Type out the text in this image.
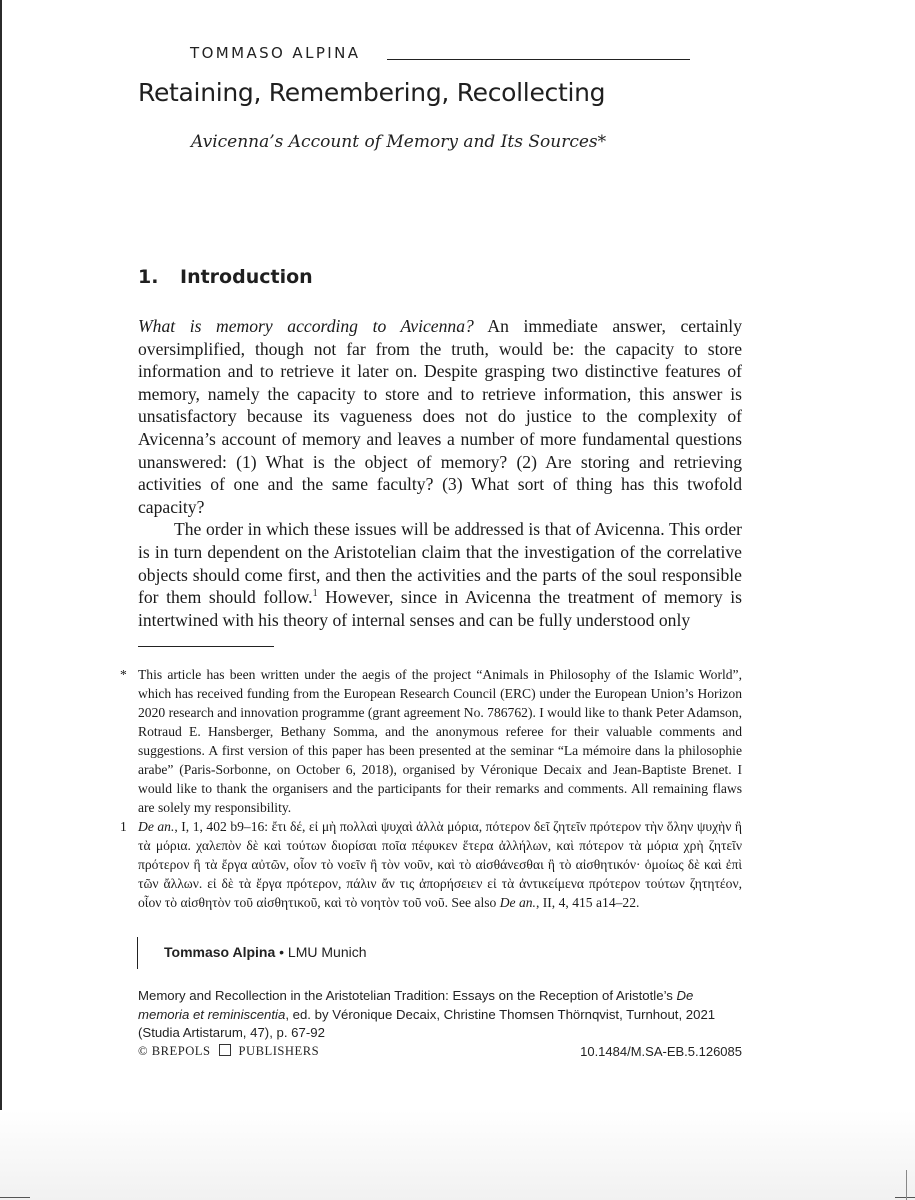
TOMMASO ALPINA
Retaining, Remembering, Recollecting
Avicenna’s Account of Memory and Its Sources*
1. Introduction

What is memory according to Avicenna? An immediate answer, certainly oversimplified, though not far from the truth, would be: the capacity to store information and to retrieve it later on. Despite grasping two distinctive features of memory, namely the capacity to store and to retrieve information, this answer is unsatisfactory because its vagueness does not do justice to the complexity of Avicenna’s account of memory and leaves a number of more fundamental questions unanswered: (1) What is the object of memory? (2) Are storing and retrieving activities of one and the same faculty? (3) What sort of thing has this twofold capacity?

The order in which these issues will be addressed is that of Avicenna. This order is in turn dependent on the Aristotelian claim that the investigation of the correlative objects should come first, and then the activities and the parts of the soul responsible for them should follow.$^1$ However, since in Avicenna the treatment of memory is intertwined with his theory of internal senses and can be fully understood only

* This article has been written under the aegis of the project “Animals in Philosophy of the Islamic World”, which has received funding from the European Research Council (ERC) under the European Union’s Horizon 2020 research and innovation programme (grant agreement No. 786762). I would like to thank Peter Adamson, Rotraud E. Hansberger, Bethany Somma, and the anonymous referee for their valuable comments and suggestions. A first version of this paper has been presented at the seminar “La mémoire dans la philosophie arabe” (Paris-Sorbonne, on October 6, 2018), organised by Véronique Decaix and Jean-Baptiste Brenet. I would like to thank the organisers and the participants for their remarks and comments. All remaining flaws are solely my responsibility.
1 De an., I, 1, 402 b9–16: ἔτι δέ, εἰ μὴ πολλαὶ ψυχαὶ ἀλλὰ μόρια, πότερον δεῖ ζητεῖν πρότερον τὴν ὅλην ψυχὴν ἢ τὰ μόρια. χαλεπὸν δὲ καὶ τούτων διορίσαι ποῖα πέφυκεν ἕτερα ἀλλήλων, καὶ πότερον τὰ μόρια χρὴ ζητεῖν πρότερον ἢ τὰ ἔργα αὐτῶν, οἷον τὸ νοεῖν ἢ τὸν νοῦν, καὶ τὸ αἰσθάνεσθαι ἢ τὸ αἰσθητικόν· ὁμοίως δὲ καὶ ἐπὶ τῶν ἄλλων. εἰ δὲ τὰ ἔργα πρότερον, πάλιν ἄν τις ἀπορήσειεν εἰ τὰ ἀντικείμενα πρότερον τούτων ζητητέον, οἷον τὸ αἰσθητὸν τοῦ αἰσθητικοῦ, καὶ τὸ νοητὸν τοῦ νοῦ. See also De an., II, 4, 415 a14–22.
Tommaso Alpina • LMU Munich
Memory and Recollection in the Aristotelian Tradition: Essays on the Reception of Aristotle’s De memoria et reminiscentia, ed. by Véronique Decaix, Christine Thomsen Thörnqvist, Turnhout, 2021 (Studia Artistarum, 47), p. 67-92
© BREPOLS PUBLISHERS	10.1484/M.SA-EB.5.126085
